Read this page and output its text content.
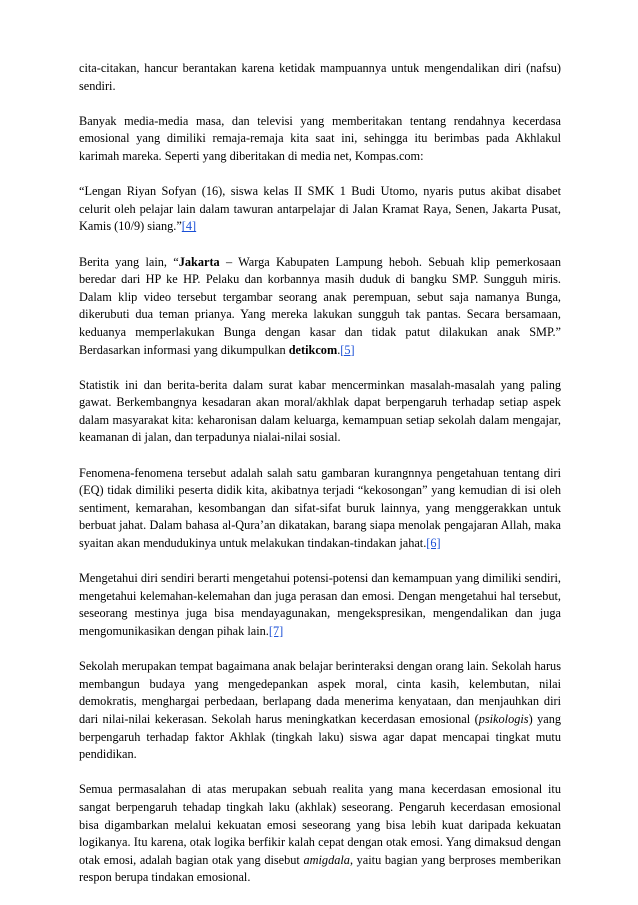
cita-citakan, hancur berantakan karena ketidak mampuannya untuk mengendalikan diri (nafsu) sendiri.

Banyak media-media masa, dan televisi yang memberitakan tentang rendahnya kecerdasa emosional yang dimiliki remaja-remaja kita saat ini, sehingga itu berimbas pada Akhlakul karimah mareka. Seperti yang diberitakan di media net, Kompas.com:

“Lengan Riyan Sofyan (16), siswa kelas II SMK 1 Budi Utomo, nyaris putus akibat disabet celurit oleh pelajar lain dalam tawuran antarpelajar di Jalan Kramat Raya, Senen, Jakarta Pusat, Kamis (10/9) siang.”[4]

Berita yang lain, “Jakarta – Warga Kabupaten Lampung heboh. Sebuah klip pemerkosaan beredar dari HP ke HP. Pelaku dan korbannya masih duduk di bangku SMP. Sungguh miris. Dalam klip video tersebut tergambar seorang anak perempuan, sebut saja namanya Bunga, dikerubuti dua teman prianya. Yang mereka lakukan sungguh tak pantas. Secara bersamaan, keduanya memperlakukan Bunga dengan kasar dan tidak patut dilakukan anak SMP.” Berdasarkan informasi yang dikumpulkan detikcom.[5]

Statistik ini dan berita-berita dalam surat kabar mencerminkan masalah-masalah yang paling gawat. Berkembangnya kesadaran akan moral/akhlak dapat berpengaruh terhadap setiap aspek dalam masyarakat kita: keharonisan dalam keluarga, kemampuan setiap sekolah dalam mengajar, keamanan di jalan, dan terpadunya nialai-nilai sosial.

Fenomena-fenomena tersebut adalah salah satu gambaran kurangnnya pengetahuan tentang diri (EQ) tidak dimiliki peserta didik kita, akibatnya terjadi “kekosongan” yang kemudian di isi oleh sentiment, kemarahan, kesombangan dan sifat-sifat buruk lainnya, yang menggerakkan untuk berbuat jahat. Dalam bahasa al-Qura’an dikatakan, barang siapa menolak pengajaran Allah, maka syaitan akan mendudukinya untuk melakukan tindakan-tindakan jahat.[6]

Mengetahui diri sendiri berarti mengetahui potensi-potensi dan kemampuan yang dimiliki sendiri, mengetahui kelemahan-kelemahan dan juga perasan dan emosi. Dengan mengetahui hal tersebut, seseorang mestinya juga bisa mendayagunakan, mengekspresikan, mengendalikan dan juga mengomunikasikan dengan pihak lain.[7]

Sekolah merupakan tempat bagaimana anak belajar berinteraksi dengan orang lain. Sekolah harus membangun budaya yang mengedepankan aspek moral, cinta kasih, kelembutan, nilai demokratis, menghargai perbedaan, berlapang dada menerima kenyataan, dan menjauhkan diri dari nilai-nilai kekerasan. Sekolah harus meningkatkan kecerdasan emosional (psikologis) yang berpengaruh terhadap faktor Akhlak (tingkah laku) siswa agar dapat mencapai tingkat mutu pendidikan.

Semua permasalahan di atas merupakan sebuah realita yang mana kecerdasan emosional itu sangat berpengaruh tehadap tingkah laku (akhlak) seseorang. Pengaruh kecerdasan emosional bisa digambarkan melalui kekuatan emosi seseorang yang bisa lebih kuat daripada kekuatan logikanya. Itu karena, otak logika berfikir kalah cepat dengan otak emosi. Yang dimaksud dengan otak emosi, adalah bagian otak yang disebut amigdala, yaitu bagian yang berproses memberikan respon berupa tindakan emosional.
